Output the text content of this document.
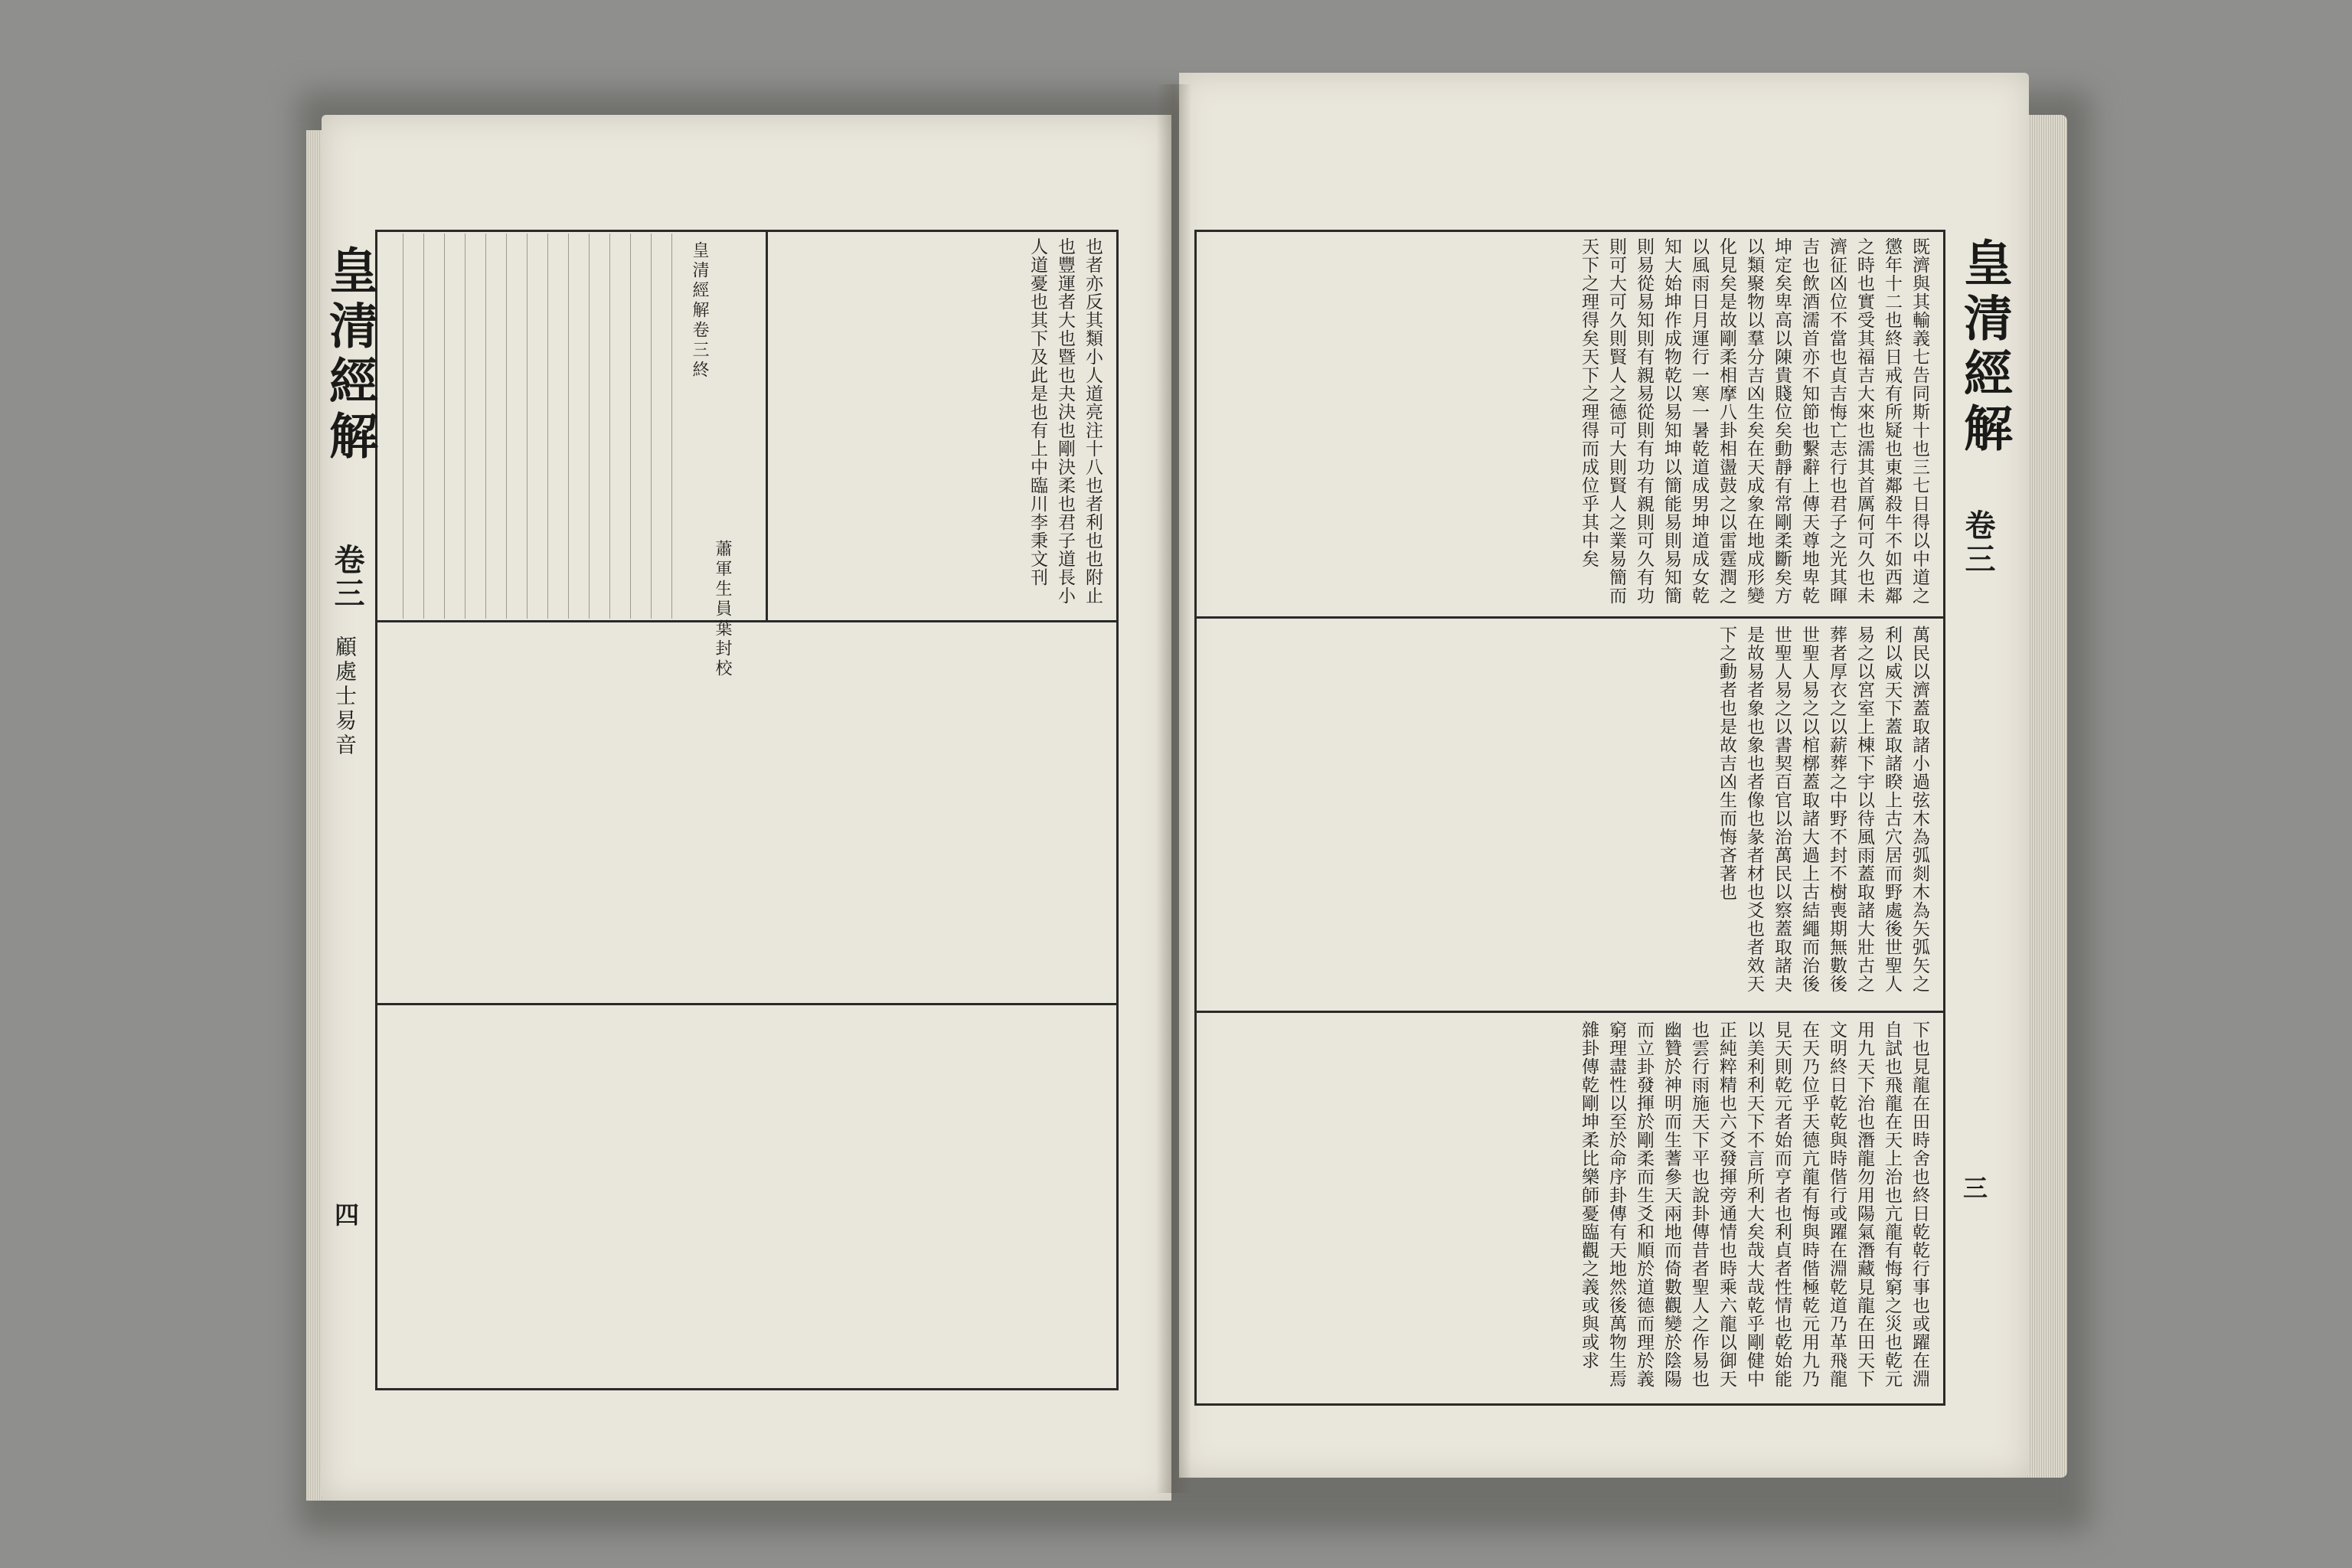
也者亦反其類小人道亮注十八也者利也也附止也豐運者大也暨也夬決也剛決柔也君子道長小人道憂也其下及此是也有上中臨川李秉文刊
皇清經解卷三終
蕭軍生員葉封校
皇清經解
卷三
顧處士易音
四
既濟與其輸義七告同斯十也三七日得以中道之懲年十二也終日戒有所疑也東鄰殺牛不如西鄰之時也實受其福吉大來也濡其首厲何可久也未濟征凶位不當也貞吉悔亡志行也君子之光其暉吉也飲酒濡首亦不知節也繫辭上傳天尊地卑乾坤定矣卑高以陳貴賤位矣動靜有常剛柔斷矣方以類聚物以羣分吉凶生矣在天成象在地成形變化見矣是故剛柔相摩八卦相盪鼓之以雷霆潤之以風雨日月運行一寒一暑乾道成男坤道成女乾知大始坤作成物乾以易知坤以簡能易則易知簡則易從易知則有親易從則有功有親則可久有功則可大可久則賢人之德可大則賢人之業易簡而天下之理得矣天下之理得而成位乎其中矣
萬民以濟蓋取諸小過弦木為弧剡木為矢弧矢之利以威天下蓋取諸睽上古穴居而野處後世聖人易之以宮室上棟下宇以待風雨蓋取諸大壯古之葬者厚衣之以薪葬之中野不封不樹喪期無數後世聖人易之以棺槨蓋取諸大過上古結繩而治後世聖人易之以書契百官以治萬民以察蓋取諸夬是故易者象也象也者像也彖者材也爻也者效天下之動者也是故吉凶生而悔吝著也
下也見龍在田時舍也終日乾乾行事也或躍在淵自試也飛龍在天上治也亢龍有悔窮之災也乾元用九天下治也潛龍勿用陽氣潛藏見龍在田天下文明終日乾乾與時偕行或躍在淵乾道乃革飛龍在天乃位乎天德亢龍有悔與時偕極乾元用九乃見天則乾元者始而亨者也利貞者性情也乾始能以美利利天下不言所利大矣哉大哉乾乎剛健中正純粹精也六爻發揮旁通情也時乘六龍以御天也雲行雨施天下平也說卦傳昔者聖人之作易也幽贊於神明而生蓍參天兩地而倚數觀變於陰陽而立卦發揮於剛柔而生爻和順於道德而理於義窮理盡性以至於命序卦傳有天地然後萬物生焉雜卦傳乾剛坤柔比樂師憂臨觀之義或與或求
皇清經解
卷三
三
